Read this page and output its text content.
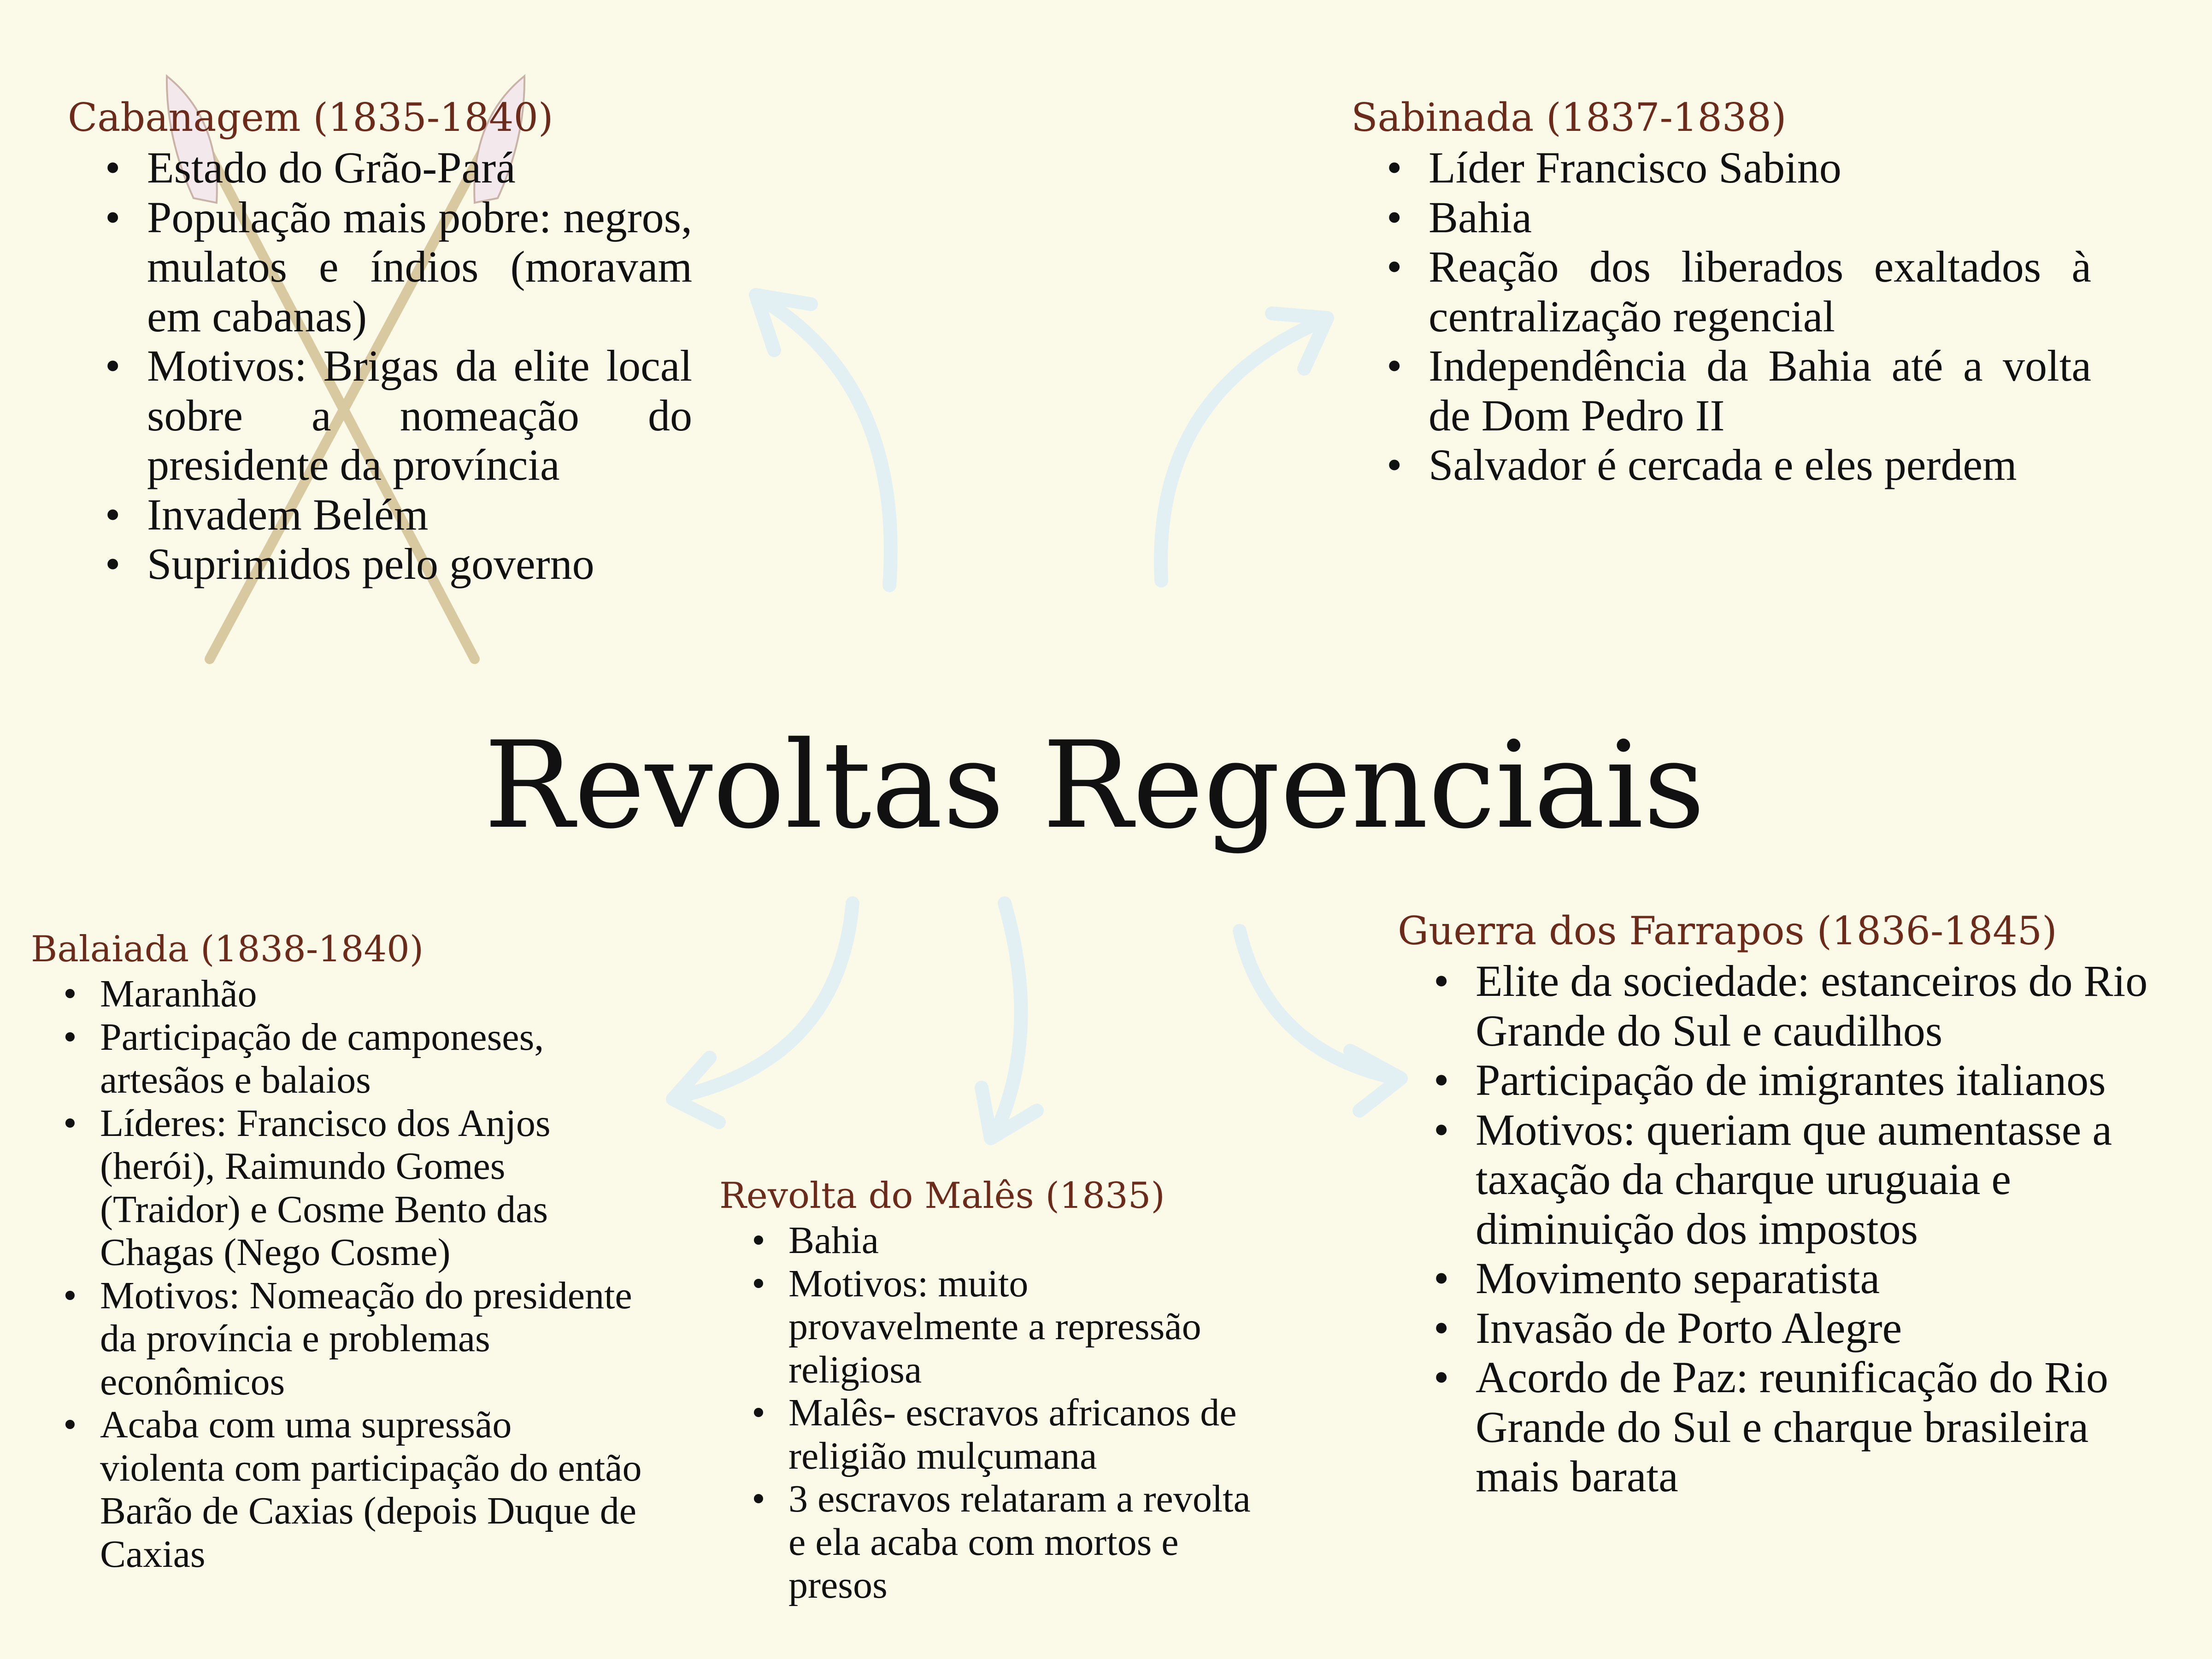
Cabanagem (1835-1840)
• Estado do Grão-Pará
• População mais pobre: negros, mulatos e índios (moravam em cabanas)
• Motivos: Brigas da elite local sobre a nomeação do presidente da província
• Invadem Belém
• Suprimidos pelo governo
Sabinada (1837-1838)
• Líder Francisco Sabino
• Bahia
• Reação dos liberados exaltados à centralização regencial
• Independência da Bahia até a volta de Dom Pedro II
• Salvador é cercada e eles perdem
Revoltas Regenciais
Balaiada (1838-1840)
• Maranhão
• Participação de camponeses, artesãos e balaios
• Líderes: Francisco dos Anjos (herói), Raimundo Gomes (Traidor) e Cosme Bento das Chagas (Nego Cosme)
• Motivos: Nomeação do presidente da província e problemas econômicos
• Acaba com uma supressão violenta com participação do então Barão de Caxias (depois Duque de Caxias
Revolta do Malês (1835)
• Bahia
• Motivos: muito provavelmente a repressão religiosa
• Malês- escravos africanos de religião mulçumana
• 3 escravos relataram a revolta e ela acaba com mortos e presos
Guerra dos Farrapos (1836-1845)
• Elite da sociedade: estanceiros do Rio Grande do Sul e caudilhos
• Participação de imigrantes italianos
• Motivos: queriam que aumentasse a taxação da charque uruguaia e diminuição dos impostos
• Movimento separatista
• Invasão de Porto Alegre
• Acordo de Paz: reunificação do Rio Grande do Sul e charque brasileira mais barata
